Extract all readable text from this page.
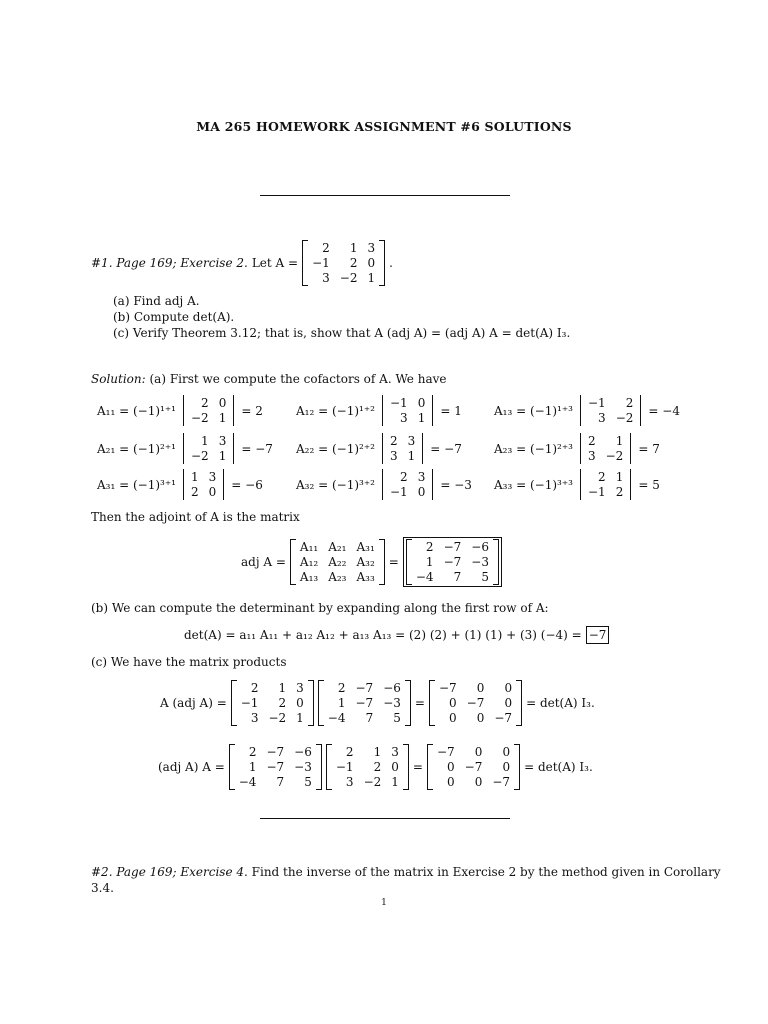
MA 265 HOMEWORK ASSIGNMENT #6 SOLUTIONS
#1. Page 169; Exercise 2. Let A =
2	1 3
−1	2 0
3 −2 1
.
(a) Find adj A.
(b) Compute det(A).
(c) Verify Theorem 3.12; that is, show that A (adj A) = (adj A) A = det(A) I₃.
Solution: (a) First we compute the cofactors of A. We have
A₁₁ = (−1)¹⁺¹
2 0
−2 1
= 2	A₁₂ = (−1)¹⁺²
−1 0
3 1
= 1	A₁₃ = (−1)¹⁺³
−1	2
3 −2
= −4
A₂₁ = (−1)²⁺¹
1 3
−2 1
= −7 A₂₂ = (−1)²⁺²
2 3
3 1
= −7	A₂₃ = (−1)²⁺³
2	1
3 −2
= 7
A₃₁ = (−1)³⁺¹
1 3
2 0
= −6	A₃₂ = (−1)³⁺²
2 3
−1 0
= −3 A₃₃ = (−1)³⁺³
2 1
−1 2
= 5
Then the adjoint of A is the matrix
adj A =
A₁₁ A₂₁ A₃₁
A₁₂ A₂₂ A₃₂
A₁₃ A₂₃ A₃₃
=
2 −7 −6
1 −7 −3
−4	7	5
(b) We can compute the determinant by expanding along the first row of A:
det(A) = a₁₁ A₁₁ + a₁₂ A₁₂ + a₁₃ A₁₃ = (2) (2) + (1) (1) + (3) (−4) = −7
(c) We have the matrix products
A (adj A) =
2	1 3
−1	2 0
3 −2 1
2 −7 −6
1 −7 −3
−4	7	5
=
−7	0	0
0 −7	0
0	0 −7
= det(A) I₃.
(adj A) A =
2 −7 −6
1 −7 −3
−4	7	5
2	1 3
−1	2 0
3 −2 1
=
−7	0	0
0 −7	0
0	0 −7
= det(A) I₃.
#2. Page 169; Exercise 4. Find the inverse of the matrix in Exercise 2 by the method given in Corollary
3.4.
1
